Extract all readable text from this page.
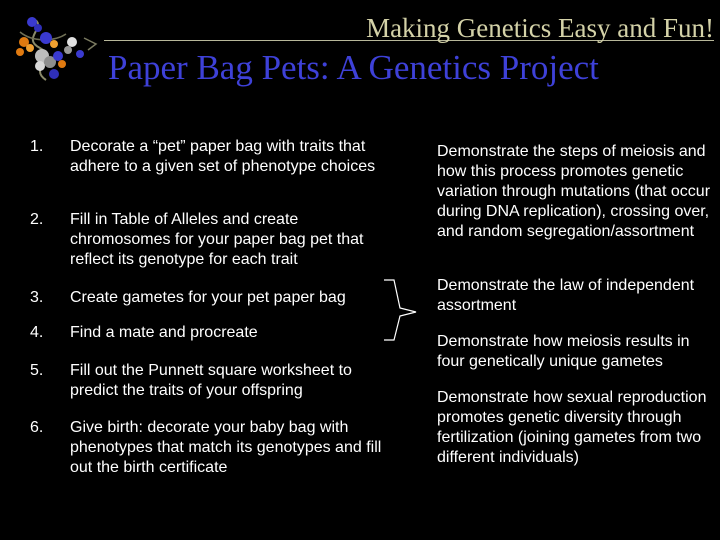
Making Genetics Easy and Fun!
Paper Bag Pets: A Genetics Project
1. Decorate a “pet” paper bag with traits that adhere to a given set of phenotype choices
2. Fill in Table of Alleles and create chromosomes for your paper bag pet that reflect its genotype for each trait
3. Create gametes for your pet paper bag
4. Find a mate and procreate
5. Fill out the Punnett square worksheet to predict the traits of your offspring
6. Give birth: decorate your baby bag with phenotypes that match its genotypes and fill out the birth certificate
Demonstrate the steps of meiosis and how this process promotes genetic variation through mutations (that occur during DNA replication), crossing over, and random segregation/assortment
Demonstrate the law of independent assortment
Demonstrate how meiosis results in four genetically unique gametes
Demonstrate how sexual reproduction promotes genetic diversity through fertilization (joining gametes from two different individuals)
